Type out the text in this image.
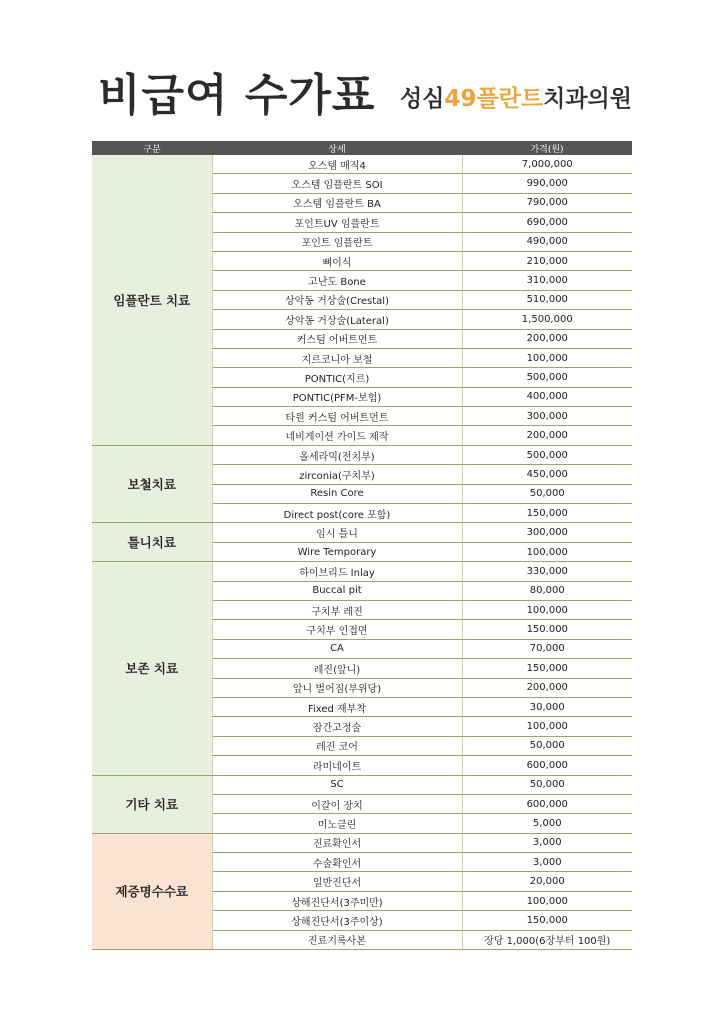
비급여 수가표 성심49플란트치과의원
구분	상세	가격(원)
임플란트 치료	오스템 매직4	7,000,000
	오스템 임플란트 SOI	990,000
	오스템 임플란트 BA	790,000
	포인트UV 임플란트	690,000
	포인트 임플란트	490,000
	뼈이식	210,000
	고난도 Bone	310,000
	상악동 거상술(Crestal)	510,000
	상악동 거상술(Lateral)	1,500,000
	커스텀 어버트먼트	200,000
	지르코니아 보철	100,000
	PONTIC(지르)	500,000
	PONTIC(PFM-보험)	400,000
	타원 커스텀 어버트먼트	300,000
	네비게이션 가이드 제작	200,000
보철치료	올세라믹(전치부)	500,000
	zirconia(구치부)	450,000
	Resin Core	50,000
	Direct post(core 포함)	150,000
틀니치료	임시 틀니	300,000
	Wire Temporary	100,000
보존 치료	하이브리드 Inlay	330,000
	Buccal pit	80,000
	구치부 레진	100,000
	구치부 인접면	150.000
	CA	70,000
	레진(앞니)	150,000
	앞니 벌어짐(부위당)	200,000
	Fixed 재부착	30,000
	잠간고정술	100,000
	레진 코어	50,000
	라미네이트	600,000
기타 치료	SC	50,000
	이갈이 장치	600,000
	미노클린	5,000
제증명수수료	진료확인서	3,000
	수술확인서	3,000
	일반진단서	20,000
	상해진단서(3주미만)	100,000
	상해진단서(3주이상)	150,000
	진료기록사본	장당 1,000(6장부터 100원)
